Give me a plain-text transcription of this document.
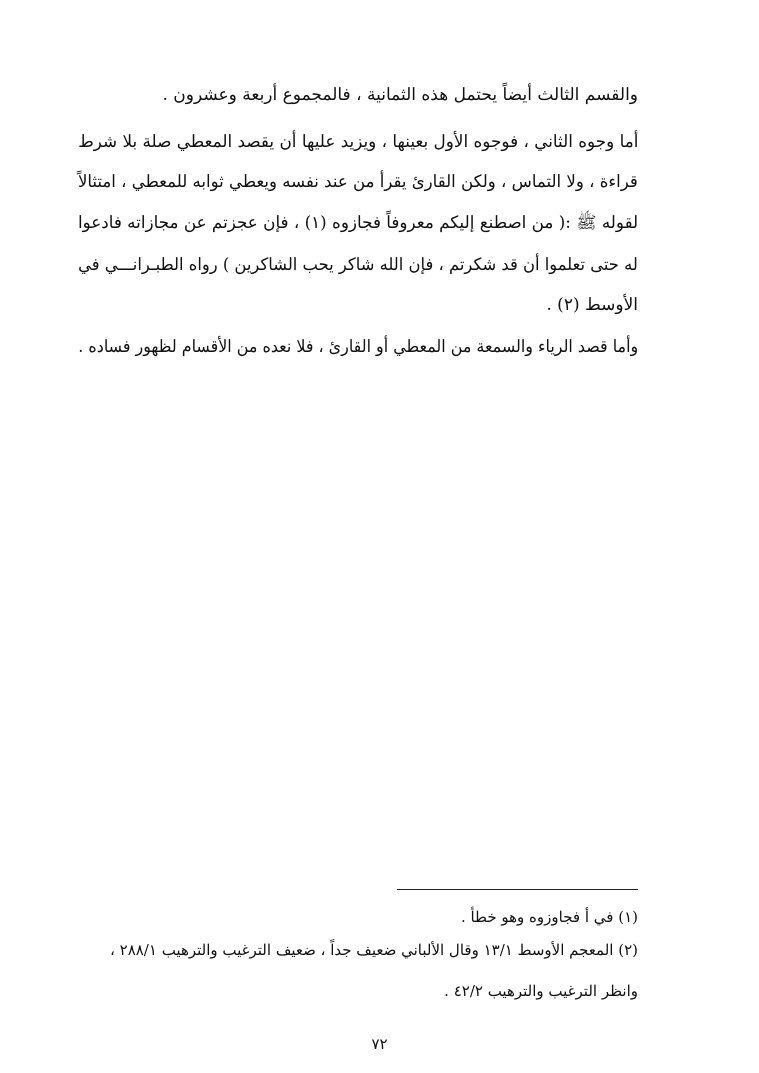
والقسم الثالث أيضاً يحتمل هذه الثمانية ، فالمجموع أربعة وعشرون .
أما وجوه الثاني ، فوجوه الأول بعينها ، ويزيد عليها أن يقصد المعطي صلة بلا شرط
قراءة ، ولا التماس ، ولكن القارئ يقرأ من عند نفسه ويعطي ثوابه للمعطي ، امتثالاً
لقوله ﷺ :( من اصطنع إليكم معروفاً فجازوه (١) ، فإن عجزتم عن مجازاته فادعوا
له حتى تعلموا أن قد شكرتم ، فإن الله شاكر يحب الشاكرين ) رواه الطبـرانـــي في
الأوسط (٢) .
وأما قصد الرياء والسمعة من المعطي أو القارئ ، فلا نعده من الأقسام لظهور فساده .
(١) في أ فجاوزوه وهو خطأ .
(٢) المعجم الأوسط ١٣/١ وقال الألباني ضعيف جداً ، ضعيف الترغيب والترهيب ٢٨٨/١ ،
وانظر الترغيب والترهيب ٤٢/٢ .
٧٢
